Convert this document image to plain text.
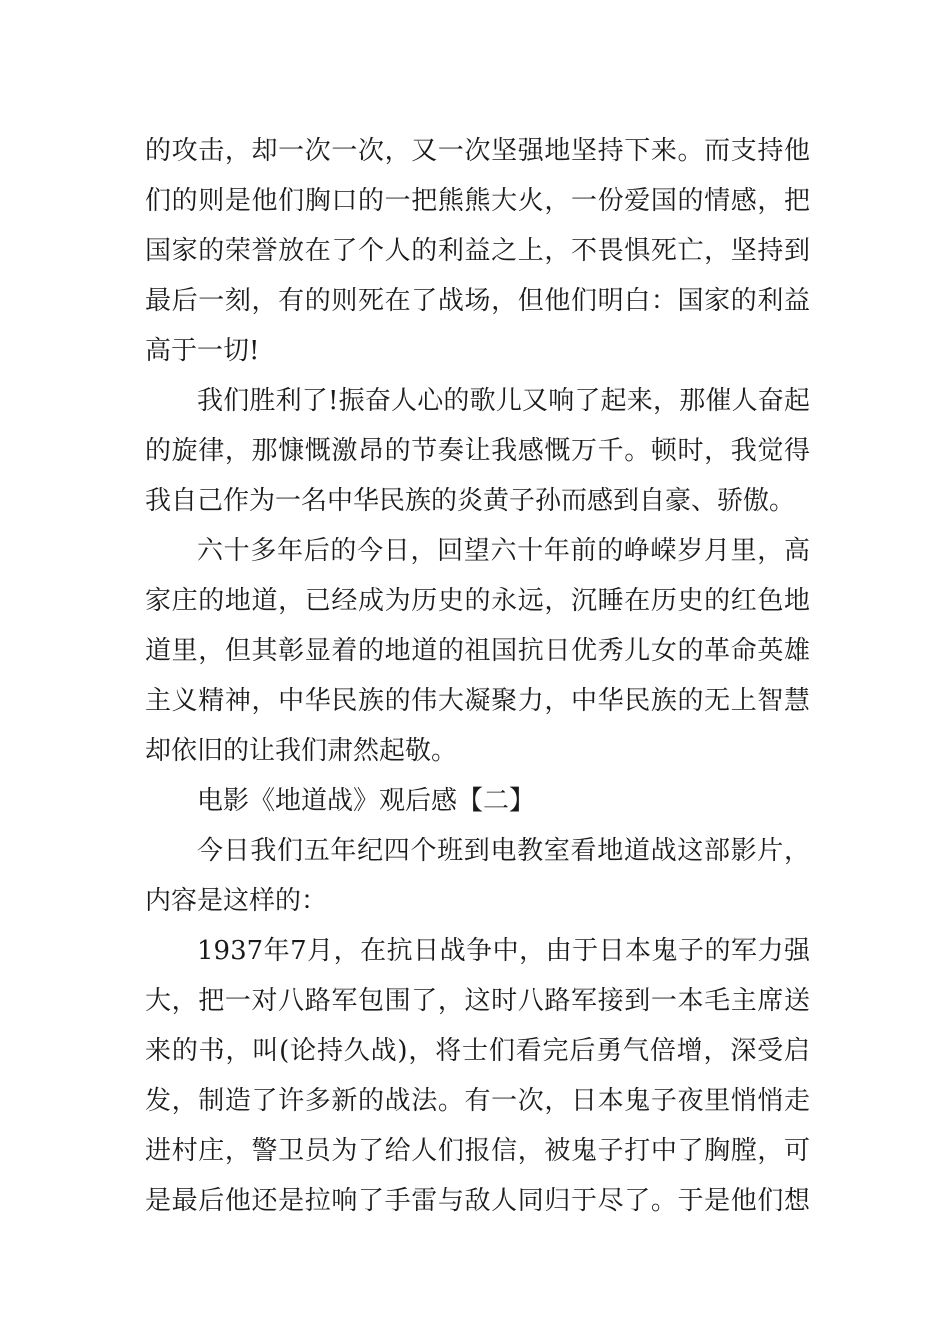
的攻击，却一次一次，又一次坚强地坚持下来。而支持他
们的则是他们胸口的一把熊熊大火，一份爱国的情感，把
国家的荣誉放在了个人的利益之上，不畏惧死亡，坚持到
最后一刻，有的则死在了战场，但他们明白：国家的利益
高于一切!
我们胜利了!振奋人心的歌儿又响了起来，那催人奋起
的旋律，那慷慨激昂的节奏让我感慨万千。顿时，我觉得
我自己作为一名中华民族的炎黄子孙而感到自豪、骄傲。
六十多年后的今日，回望六十年前的峥嵘岁月里，高
家庄的地道，已经成为历史的永远，沉睡在历史的红色地
道里，但其彰显着的地道的祖国抗日优秀儿女的革命英雄
主义精神，中华民族的伟大凝聚力，中华民族的无上智慧
却依旧的让我们肃然起敬。
电影《地道战》观后感【二】
今日我们五年纪四个班到电教室看地道战这部影片，
内容是这样的：
1937年7月，在抗日战争中，由于日本鬼子的军力强
大，把一对八路军包围了，这时八路军接到一本毛主席送
来的书，叫(论持久战)，将士们看完后勇气倍增，深受启
发，制造了许多新的战法。有一次，日本鬼子夜里悄悄走
进村庄，警卫员为了给人们报信，被鬼子打中了胸膛，可
是最后他还是拉响了手雷与敌人同归于尽了。于是他们想
